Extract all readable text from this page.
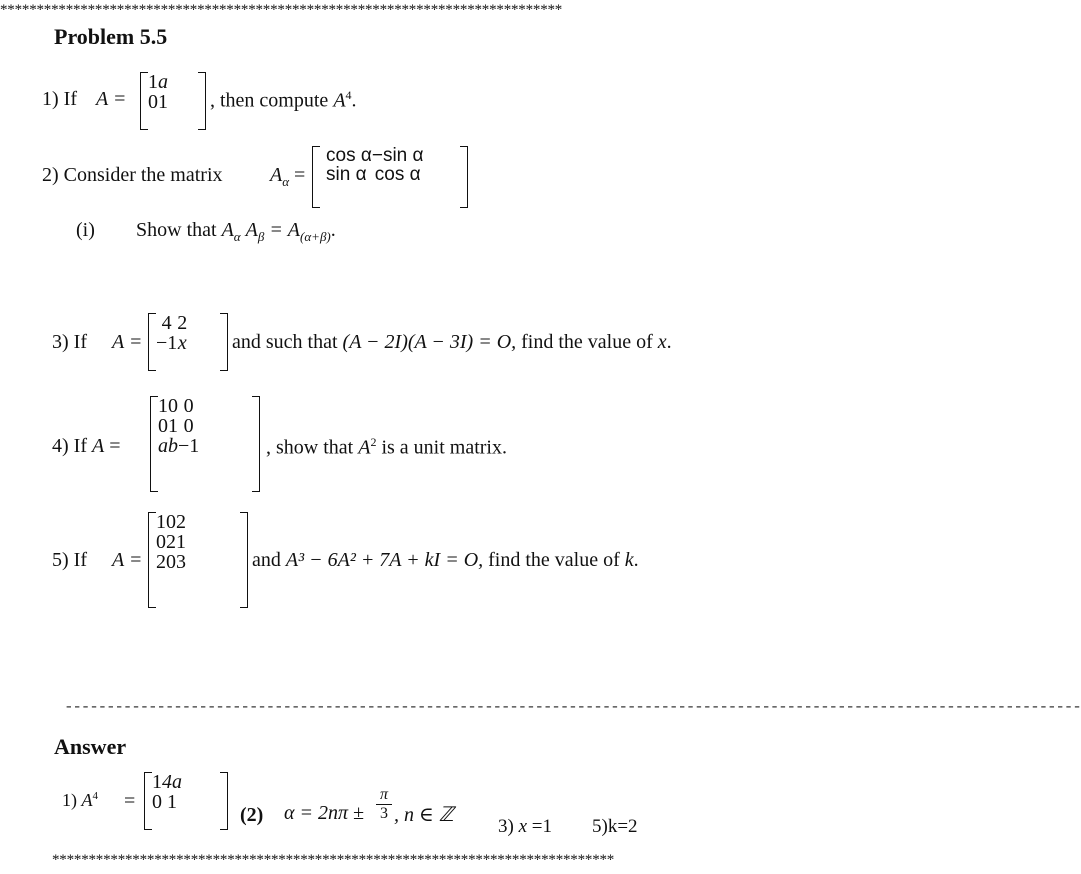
*****************************************************************************
Problem 5.5
1) If A =
1	a
0	1 , then compute $A^4$.
2) Consider the matrix $A_\alpha$ =
cos α	−sin α
sin α	cos α
(i) Show that $A_\alpha$ $A_\beta = A_{(\alpha+\beta)}$.
3) If A =
4	2
−1	x and such that (A − 2I)(A − 3I) = O, find the value of x.
4) If A =
1	0	0
0	1	0
a	b	−1	, show that $A^2$ is a unit matrix.
5) If A =
1	0	2
0	2	1
2	0	3	and A³ − 6A² + 7A + kI = O, find the value of k.
-------------------------------------------------------------------------------------------------------------------------
Answer
1) $A^4$ =
1	4a
0	1
(2) $\alpha = 2n\pi \pm \frac{\pi}{3}$ , n ∈ ℤ
3) x =1 5)k=2
*****************************************************************************
